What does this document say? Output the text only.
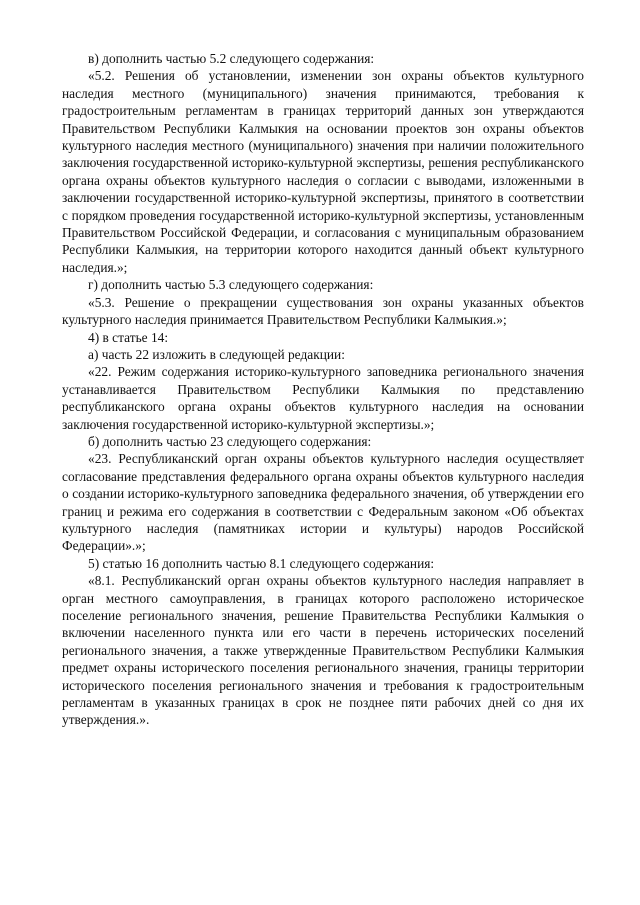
в) дополнить частью 5.2 следующего содержания:

«5.2. Решения об установлении, изменении зон охраны объектов культурного наследия местного (муниципального) значения принимаются, требования к градостроительным регламентам в границах территорий данных зон утверждаются Правительством Республики Калмыкия на основании проектов зон охраны объектов культурного наследия местного (муниципального) значения при наличии положительного заключения государственной историко-культурной экспертизы, решения республиканского органа охраны объектов культурного наследия о согласии с выводами, изложенными в заключении государственной историко-культурной экспертизы, принятого в соответствии с порядком проведения государственной историко-культурной экспертизы, установленным Правительством Российской Федерации, и согласования с муниципальным образованием Республики Калмыкия, на территории которого находится данный объект культурного наследия.»;

г) дополнить частью 5.3 следующего содержания:

«5.3. Решение о прекращении существования зон охраны указанных объектов культурного наследия принимается Правительством Республики Калмыкия.»;

4) в статье 14:

а) часть 22 изложить в следующей редакции:

«22. Режим содержания историко-культурного заповедника регионального значения устанавливается Правительством Республики Калмыкия по представлению республиканского органа охраны объектов культурного наследия на основании заключения государственной историко-культурной экспертизы.»;

б) дополнить частью 23 следующего содержания:

«23. Республиканский орган охраны объектов культурного наследия осуществляет согласование представления федерального органа охраны объектов культурного наследия о создании историко-культурного заповедника федерального значения, об утверждении его границ и режима его содержания в соответствии с Федеральным законом «Об объектах культурного наследия (памятниках истории и культуры) народов Российской Федерации».»;

5) статью 16 дополнить частью 8.1 следующего содержания:

«8.1. Республиканский орган охраны объектов культурного наследия направляет в орган местного самоуправления, в границах которого расположено историческое поселение регионального значения, решение Правительства Республики Калмыкия о включении населенного пункта или его части в перечень исторических поселений регионального значения, а также утвержденные Правительством Республики Калмыкия предмет охраны исторического поселения регионального значения, границы территории исторического поселения регионального значения и требования к градостроительным регламентам в указанных границах в срок не позднее пяти рабочих дней со дня их утверждения.».
